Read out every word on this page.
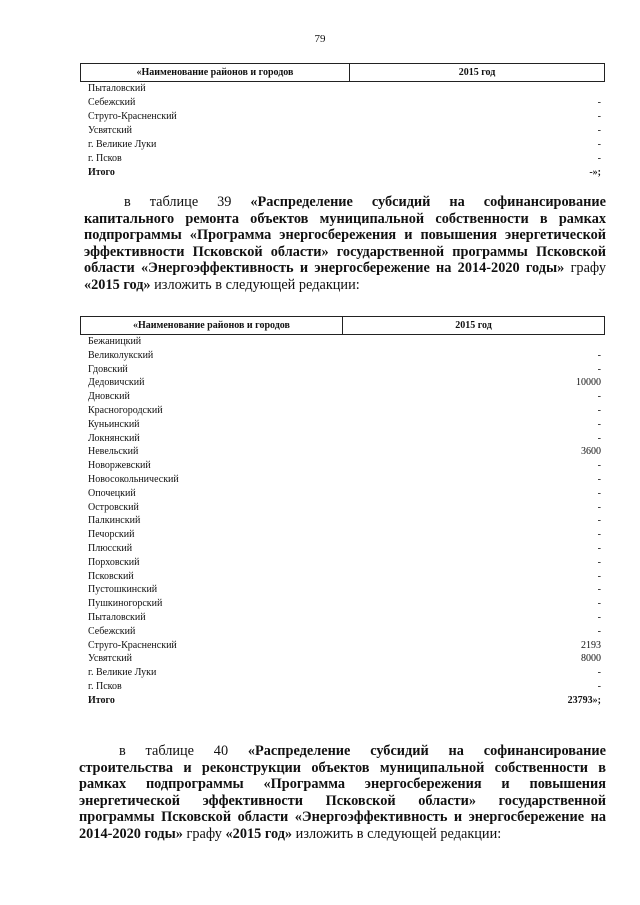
79
«Наименование районов и городов	2015 год
Пыталовский
Себежский	-
Струго-Красненский	-
Усвятский	-
г. Великие Луки	-
г. Псков	-
Итого	-»;
в таблице 39 «Распределение субсидий на софинансирование капитального ремонта объектов муниципальной собственности в рамках подпрограммы «Программа энергосбережения и повышения энергетической эффективности Псковской области» государственной программы Псковской области «Энергоэффективность и энергосбережение на 2014-2020 годы» графу «2015 год» изложить в следующей редакции:
«Наименование районов и городов	2015 год
Бежаницкий
Великолукский	-
Гдовский	-
Дедовичский	10000
Дновский	-
Красногородский	-
Куньинский	-
Локнянский	-
Невельский	3600
Новоржевский	-
Новосокольнический	-
Опочецкий	-
Островский	-
Палкинский	-
Печорский	-
Плюсский	-
Порховский	-
Псковский	-
Пустошкинский	-
Пушкиногорский	-
Пыталовский	-
Себежский	-
Струго-Красненский	2193
Усвятский	8000
г. Великие Луки	-
г. Псков	-
Итого	23793»;
в таблице 40 «Распределение субсидий на софинансирование строительства и реконструкции объектов муниципальной собственности в рамках подпрограммы «Программа энергосбережения и повышения энергетической эффективности Псковской области» государственной программы Псковской области «Энергоэффективность и энергосбережение на 2014-2020 годы» графу «2015 год» изложить в следующей редакции:
